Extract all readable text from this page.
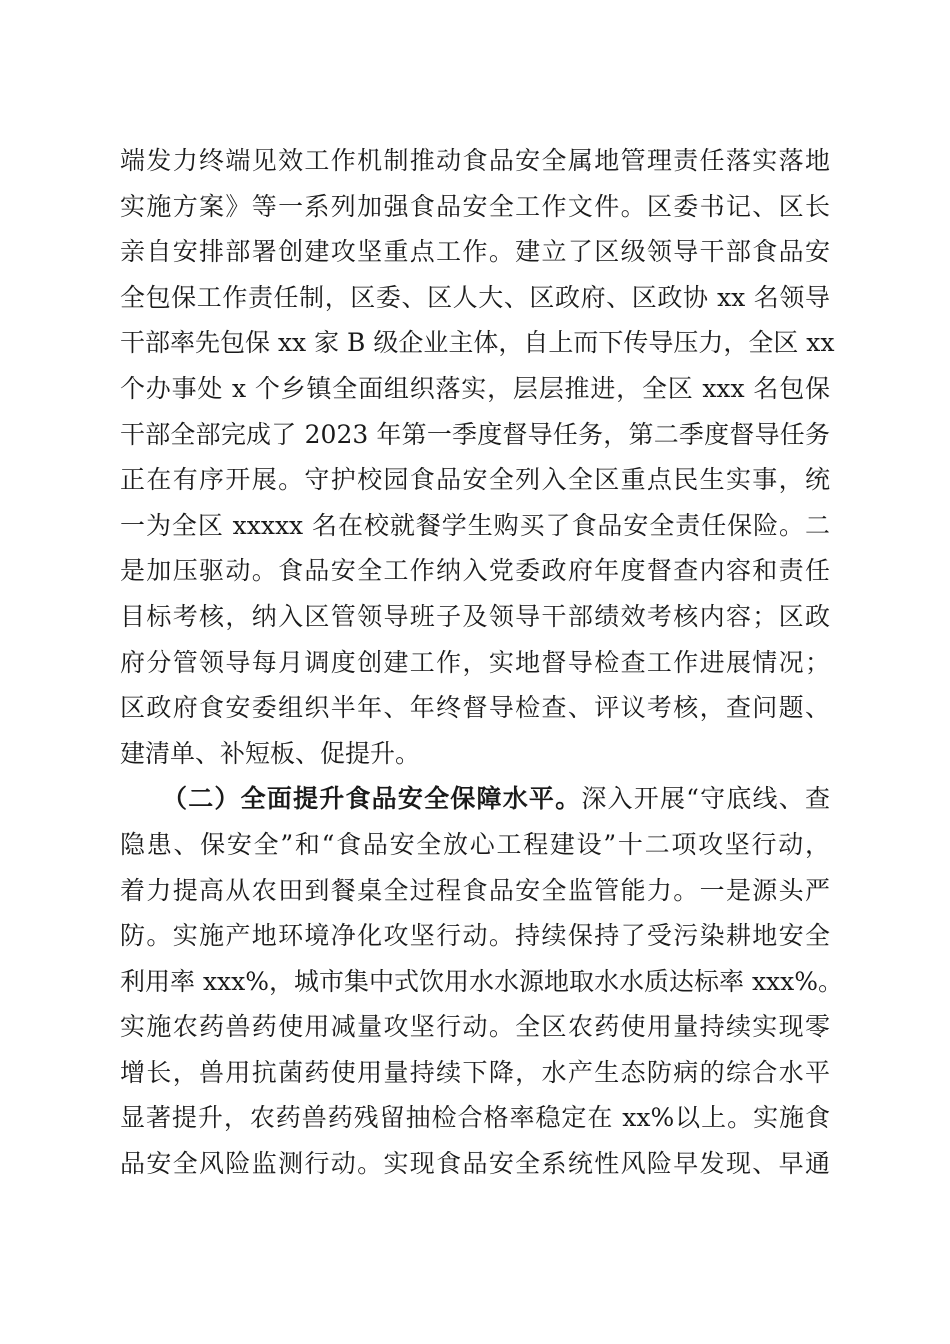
端发力终端见效工作机制推动食品安全属地管理责任落实落地
实施方案》等一系列加强食品安全工作文件。区委书记、区长
亲自安排部署创建攻坚重点工作。建立了区级领导干部食品安
全包保工作责任制，区委、区人大、区政府、区政协 xx 名领导
干部率先包保 xx 家 B 级企业主体，自上而下传导压力，全区 xx
个办事处 x 个乡镇全面组织落实，层层推进，全区 xxx 名包保
干部全部完成了 2023 年第一季度督导任务，第二季度督导任务
正在有序开展。守护校园食品安全列入全区重点民生实事，统
一为全区 xxxxx 名在校就餐学生购买了食品安全责任保险。二
是加压驱动。食品安全工作纳入党委政府年度督查内容和责任
目标考核，纳入区管领导班子及领导干部绩效考核内容；区政
府分管领导每月调度创建工作，实地督导检查工作进展情况；
区政府食安委组织半年、年终督导检查、评议考核，查问题、
建清单、补短板、促提升。
（二）全面提升食品安全保障水平。深入开展“守底线、查
隐患、保安全”和“食品安全放心工程建设”十二项攻坚行动，
着力提高从农田到餐桌全过程食品安全监管能力。一是源头严
防。实施产地环境净化攻坚行动。持续保持了受污染耕地安全
利用率 xxx%，城市集中式饮用水水源地取水水质达标率 xxx%。
实施农药兽药使用减量攻坚行动。全区农药使用量持续实现零
增长，兽用抗菌药使用量持续下降，水产生态防病的综合水平
显著提升，农药兽药残留抽检合格率稳定在 xx%以上。实施食
品安全风险监测行动。实现食品安全系统性风险早发现、早通
